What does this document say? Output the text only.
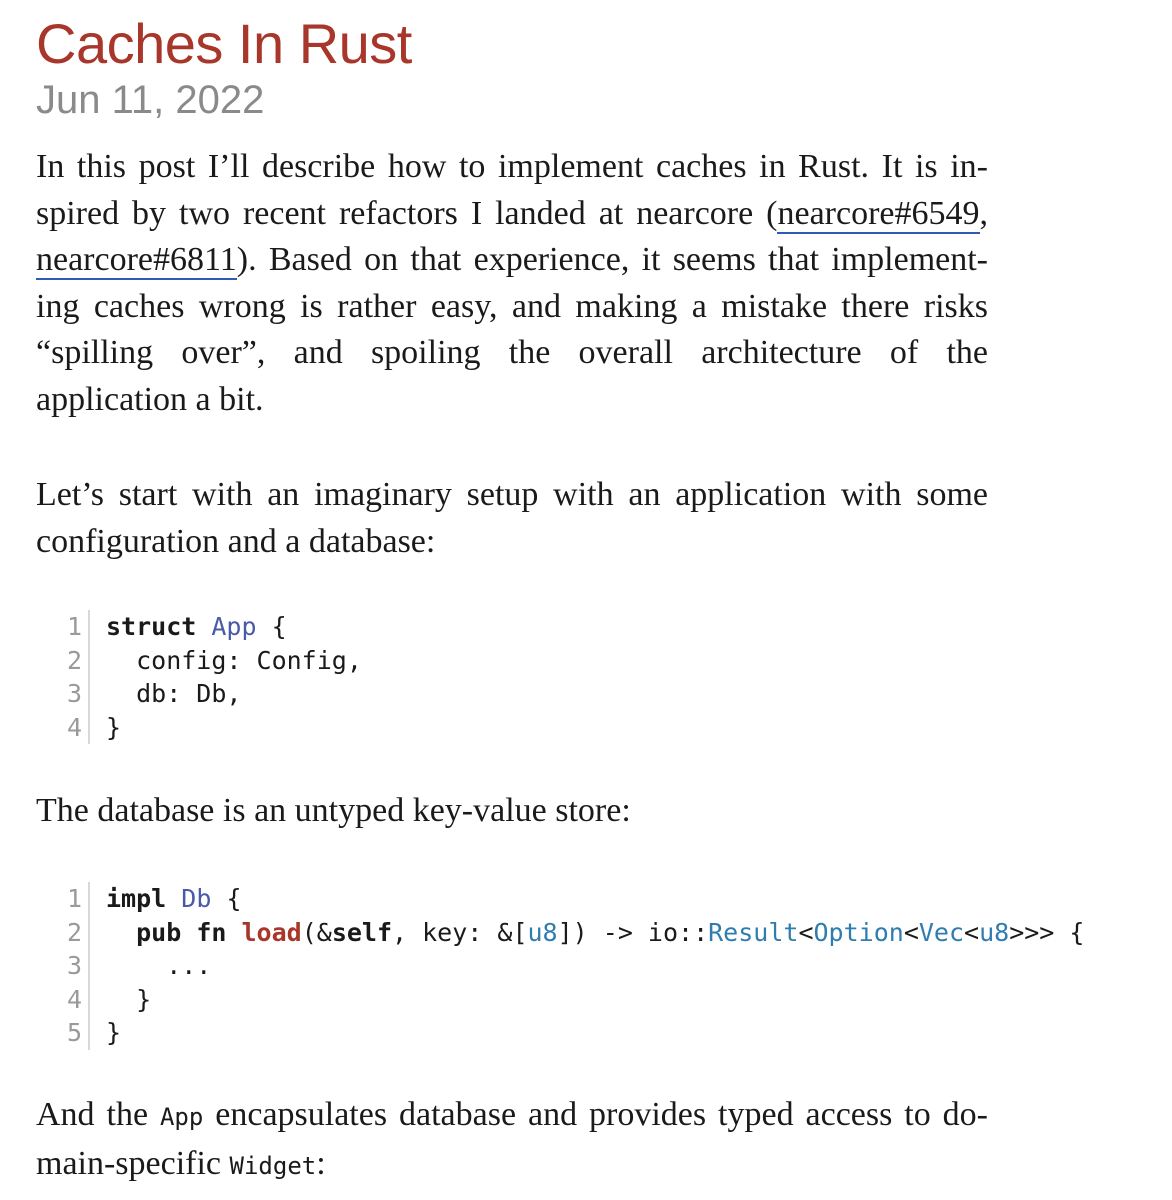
Caches In Rust
Jun 11, 2022

In this post I’ll describe how to implement caches in Rust. It is inspired by two recent refactors I landed at nearcore (nearcore#6549, nearcore#6811). Based on that experience, it seems that implementing caches wrong is rather easy, and making a mistake there risks “spilling over”, and spoiling the overall architecture of the application a bit.

Let’s start with an imaginary setup with an application with some configuration and a database:

1
2
3
4
struct App {
config: Config,
db: Db,
}

The database is an untyped key-value store:

1
2
3
4
5
impl Db {
pub fn load(&self, key: &[u8]) -> io::Result<Option<Vec<u8>>> {
...
}
}

And the App encapsulates database and provides typed access to domain-specific Widget:
